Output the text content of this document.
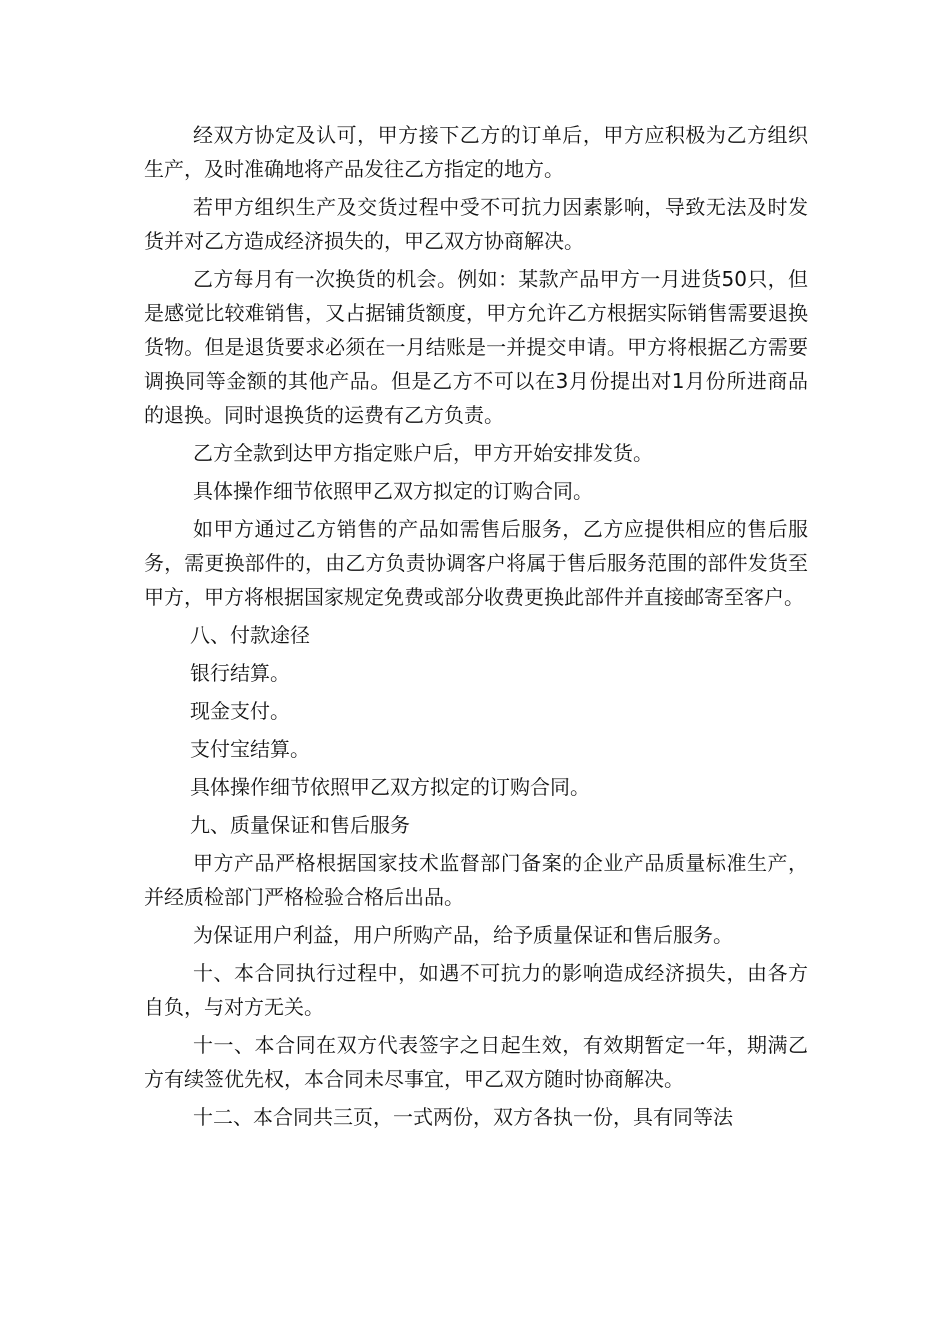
经双方协定及认可，甲方接下乙方的订单后，甲方应积极为乙方组织生产，及时准确地将产品发往乙方指定的地方。

若甲方组织生产及交货过程中受不可抗力因素影响，导致无法及时发货并对乙方造成经济损失的，甲乙双方协商解决。

乙方每月有一次换货的机会。例如：某款产品甲方一月进货50只，但是感觉比较难销售，又占据铺货额度，甲方允许乙方根据实际销售需要退换货物。但是退货要求必须在一月结账是一并提交申请。甲方将根据乙方需要调换同等金额的其他产品。但是乙方不可以在3月份提出对1月份所进商品的退换。同时退换货的运费有乙方负责。

乙方全款到达甲方指定账户后，甲方开始安排发货。

具体操作细节依照甲乙双方拟定的订购合同。

如甲方通过乙方销售的产品如需售后服务，乙方应提供相应的售后服务，需更换部件的，由乙方负责协调客户将属于售后服务范围的部件发货至甲方，甲方将根据国家规定免费或部分收费更换此部件并直接邮寄至客户。

八、付款途径

银行结算。

现金支付。

支付宝结算。

具体操作细节依照甲乙双方拟定的订购合同。

九、质量保证和售后服务

甲方产品严格根据国家技术监督部门备案的企业产品质量标准生产，并经质检部门严格检验合格后出品。

为保证用户利益，用户所购产品，给予质量保证和售后服务。

十、本合同执行过程中，如遇不可抗力的影响造成经济损失，由各方自负，与对方无关。

十一、本合同在双方代表签字之日起生效，有效期暂定一年，期满乙方有续签优先权，本合同未尽事宜，甲乙双方随时协商解决。

十二、本合同共三页，一式两份，双方各执一份，具有同等法
